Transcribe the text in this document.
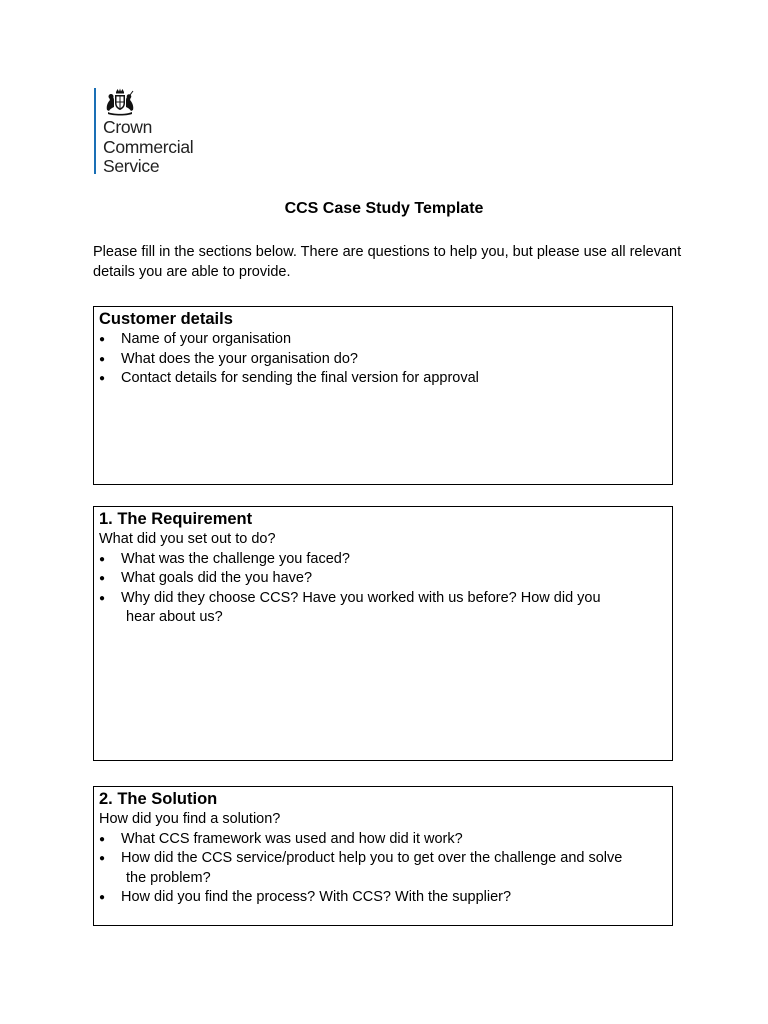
Crown
Commercial
Service
CCS Case Study Template

Please fill in the sections below. There are questions to help you, but please use all relevant details you are able to provide.

Customer details
● Name of your organisation
● What does the your organisation do?
● Contact details for sending the final version for approval
1. The Requirement

What did you set out to do?

● What was the challenge you faced?
● What goals did the you have?
● Why did they choose CCS? Have you worked with us before? How did you
hear about us?
2. The Solution

How did you find a solution?

● What CCS framework was used and how did it work?
● How did the CCS service/product help you to get over the challenge and solve
the problem?
● How did you find the process? With CCS? With the supplier?
